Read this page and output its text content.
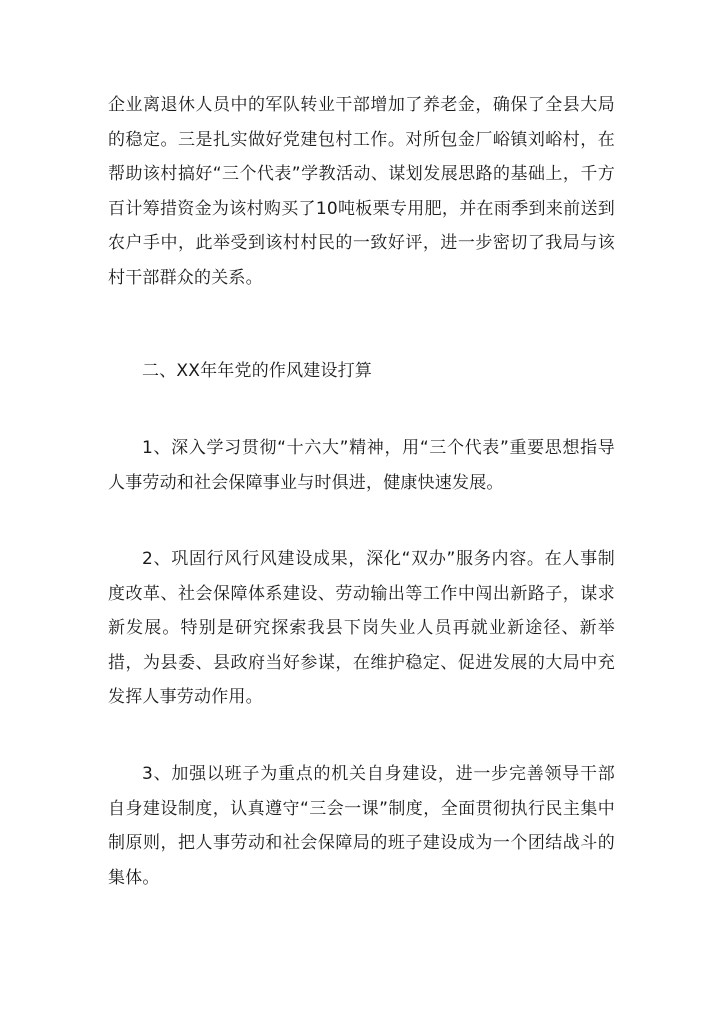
企业离退休人员中的军队转业干部增加了养老金，确保了全县大局的稳定。三是扎实做好党建包村工作。对所包金厂峪镇刘峪村，在帮助该村搞好“三个代表”学教活动、谋划发展思路的基础上，千方百计筹措资金为该村购买了10吨板栗专用肥，并在雨季到来前送到农户手中，此举受到该村村民的一致好评，进一步密切了我局与该村干部群众的关系。

二、XX年年党的作风建设打算

1、深入学习贯彻“十六大”精神，用“三个代表”重要思想指导人事劳动和社会保障事业与时俱进，健康快速发展。

2、巩固行风行风建设成果，深化“双办”服务内容。在人事制度改革、社会保障体系建设、劳动输出等工作中闯出新路子，谋求新发展。特别是研究探索我县下岗失业人员再就业新途径、新举措，为县委、县政府当好参谋，在维护稳定、促进发展的大局中充发挥人事劳动作用。

3、加强以班子为重点的机关自身建设，进一步完善领导干部自身建设制度，认真遵守“三会一课”制度，全面贯彻执行民主集中制原则，把人事劳动和社会保障局的班子建设成为一个团结战斗的集体。
